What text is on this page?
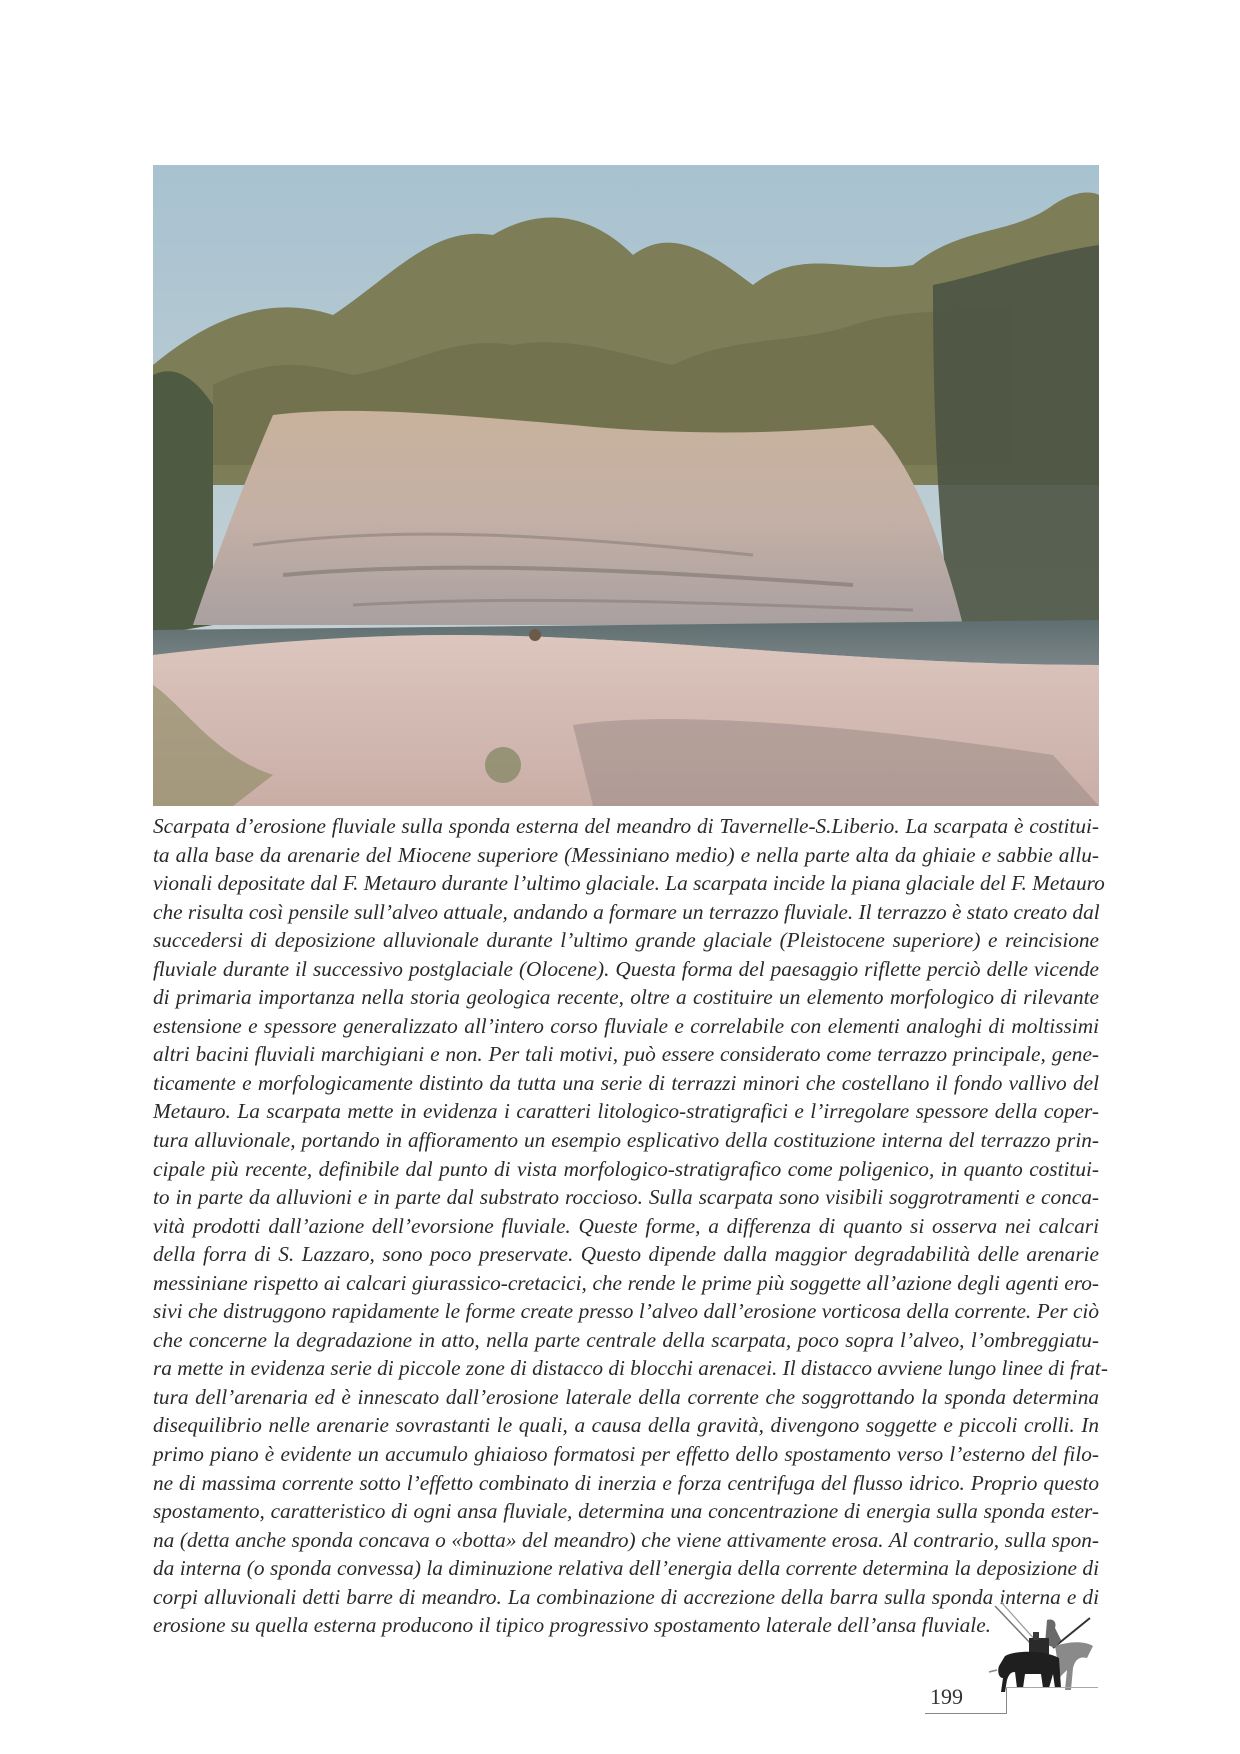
Scarpata d’erosione fluviale sulla sponda esterna del meandro di Tavernelle-S.Liberio. La scarpata è costitui-
ta alla base da arenarie del Miocene superiore (Messiniano medio) e nella parte alta da ghiaie e sabbie allu-
vionali depositate dal F. Metauro durante l’ultimo glaciale. La scarpata incide la piana glaciale del F. Metauro
che risulta così pensile sull’alveo attuale, andando a formare un terrazzo fluviale. Il terrazzo è stato creato dal
succedersi di deposizione alluvionale durante l’ultimo grande glaciale (Pleistocene superiore) e reincisione
fluviale durante il successivo postglaciale (Olocene). Questa forma del paesaggio riflette perciò delle vicende
di primaria importanza nella storia geologica recente, oltre a costituire un elemento morfologico di rilevante
estensione e spessore generalizzato all’intero corso fluviale e correlabile con elementi analoghi di moltissimi
altri bacini fluviali marchigiani e non. Per tali motivi, può essere considerato come terrazzo principale, gene-
ticamente e morfologicamente distinto da tutta una serie di terrazzi minori che costellano il fondo vallivo del
Metauro. La scarpata mette in evidenza i caratteri litologico-stratigrafici e l’irregolare spessore della coper-
tura alluvionale, portando in affioramento un esempio esplicativo della costituzione interna del terrazzo prin-
cipale più recente, definibile dal punto di vista morfologico-stratigrafico come poligenico, in quanto costitui-
to in parte da alluvioni e in parte dal substrato roccioso. Sulla scarpata sono visibili soggrotramenti e conca-
vità prodotti dall’azione dell’evorsione fluviale. Queste forme, a differenza di quanto si osserva nei calcari
della forra di S. Lazzaro, sono poco preservate. Questo dipende dalla maggior degradabilità delle arenarie
messiniane rispetto ai calcari giurassico-cretacici, che rende le prime più soggette all’azione degli agenti ero-
sivi che distruggono rapidamente le forme create presso l’alveo dall’erosione vorticosa della corrente. Per ciò
che concerne la degradazione in atto, nella parte centrale della scarpata, poco sopra l’alveo, l’ombreggiatu-
ra mette in evidenza serie di piccole zone di distacco di blocchi arenacei. Il distacco avviene lungo linee di frat-
tura dell’arenaria ed è innescato dall’erosione laterale della corrente che soggrottando la sponda determina
disequilibrio nelle arenarie sovrastanti le quali, a causa della gravità, divengono soggette e piccoli crolli. In
primo piano è evidente un accumulo ghiaioso formatosi per effetto dello spostamento verso l’esterno del filo-
ne di massima corrente sotto l’effetto combinato di inerzia e forza centrifuga del flusso idrico. Proprio questo
spostamento, caratteristico di ogni ansa fluviale, determina una concentrazione di energia sulla sponda ester-
na (detta anche sponda concava o «botta» del meandro) che viene attivamente erosa. Al contrario, sulla spon-
da interna (o sponda convessa) la diminuzione relativa dell’energia della corrente determina la deposizione di
corpi alluvionali detti barre di meandro. La combinazione di accrezione della barra sulla sponda interna e di
erosione su quella esterna producono il tipico progressivo spostamento laterale dell’ansa fluviale.
199
